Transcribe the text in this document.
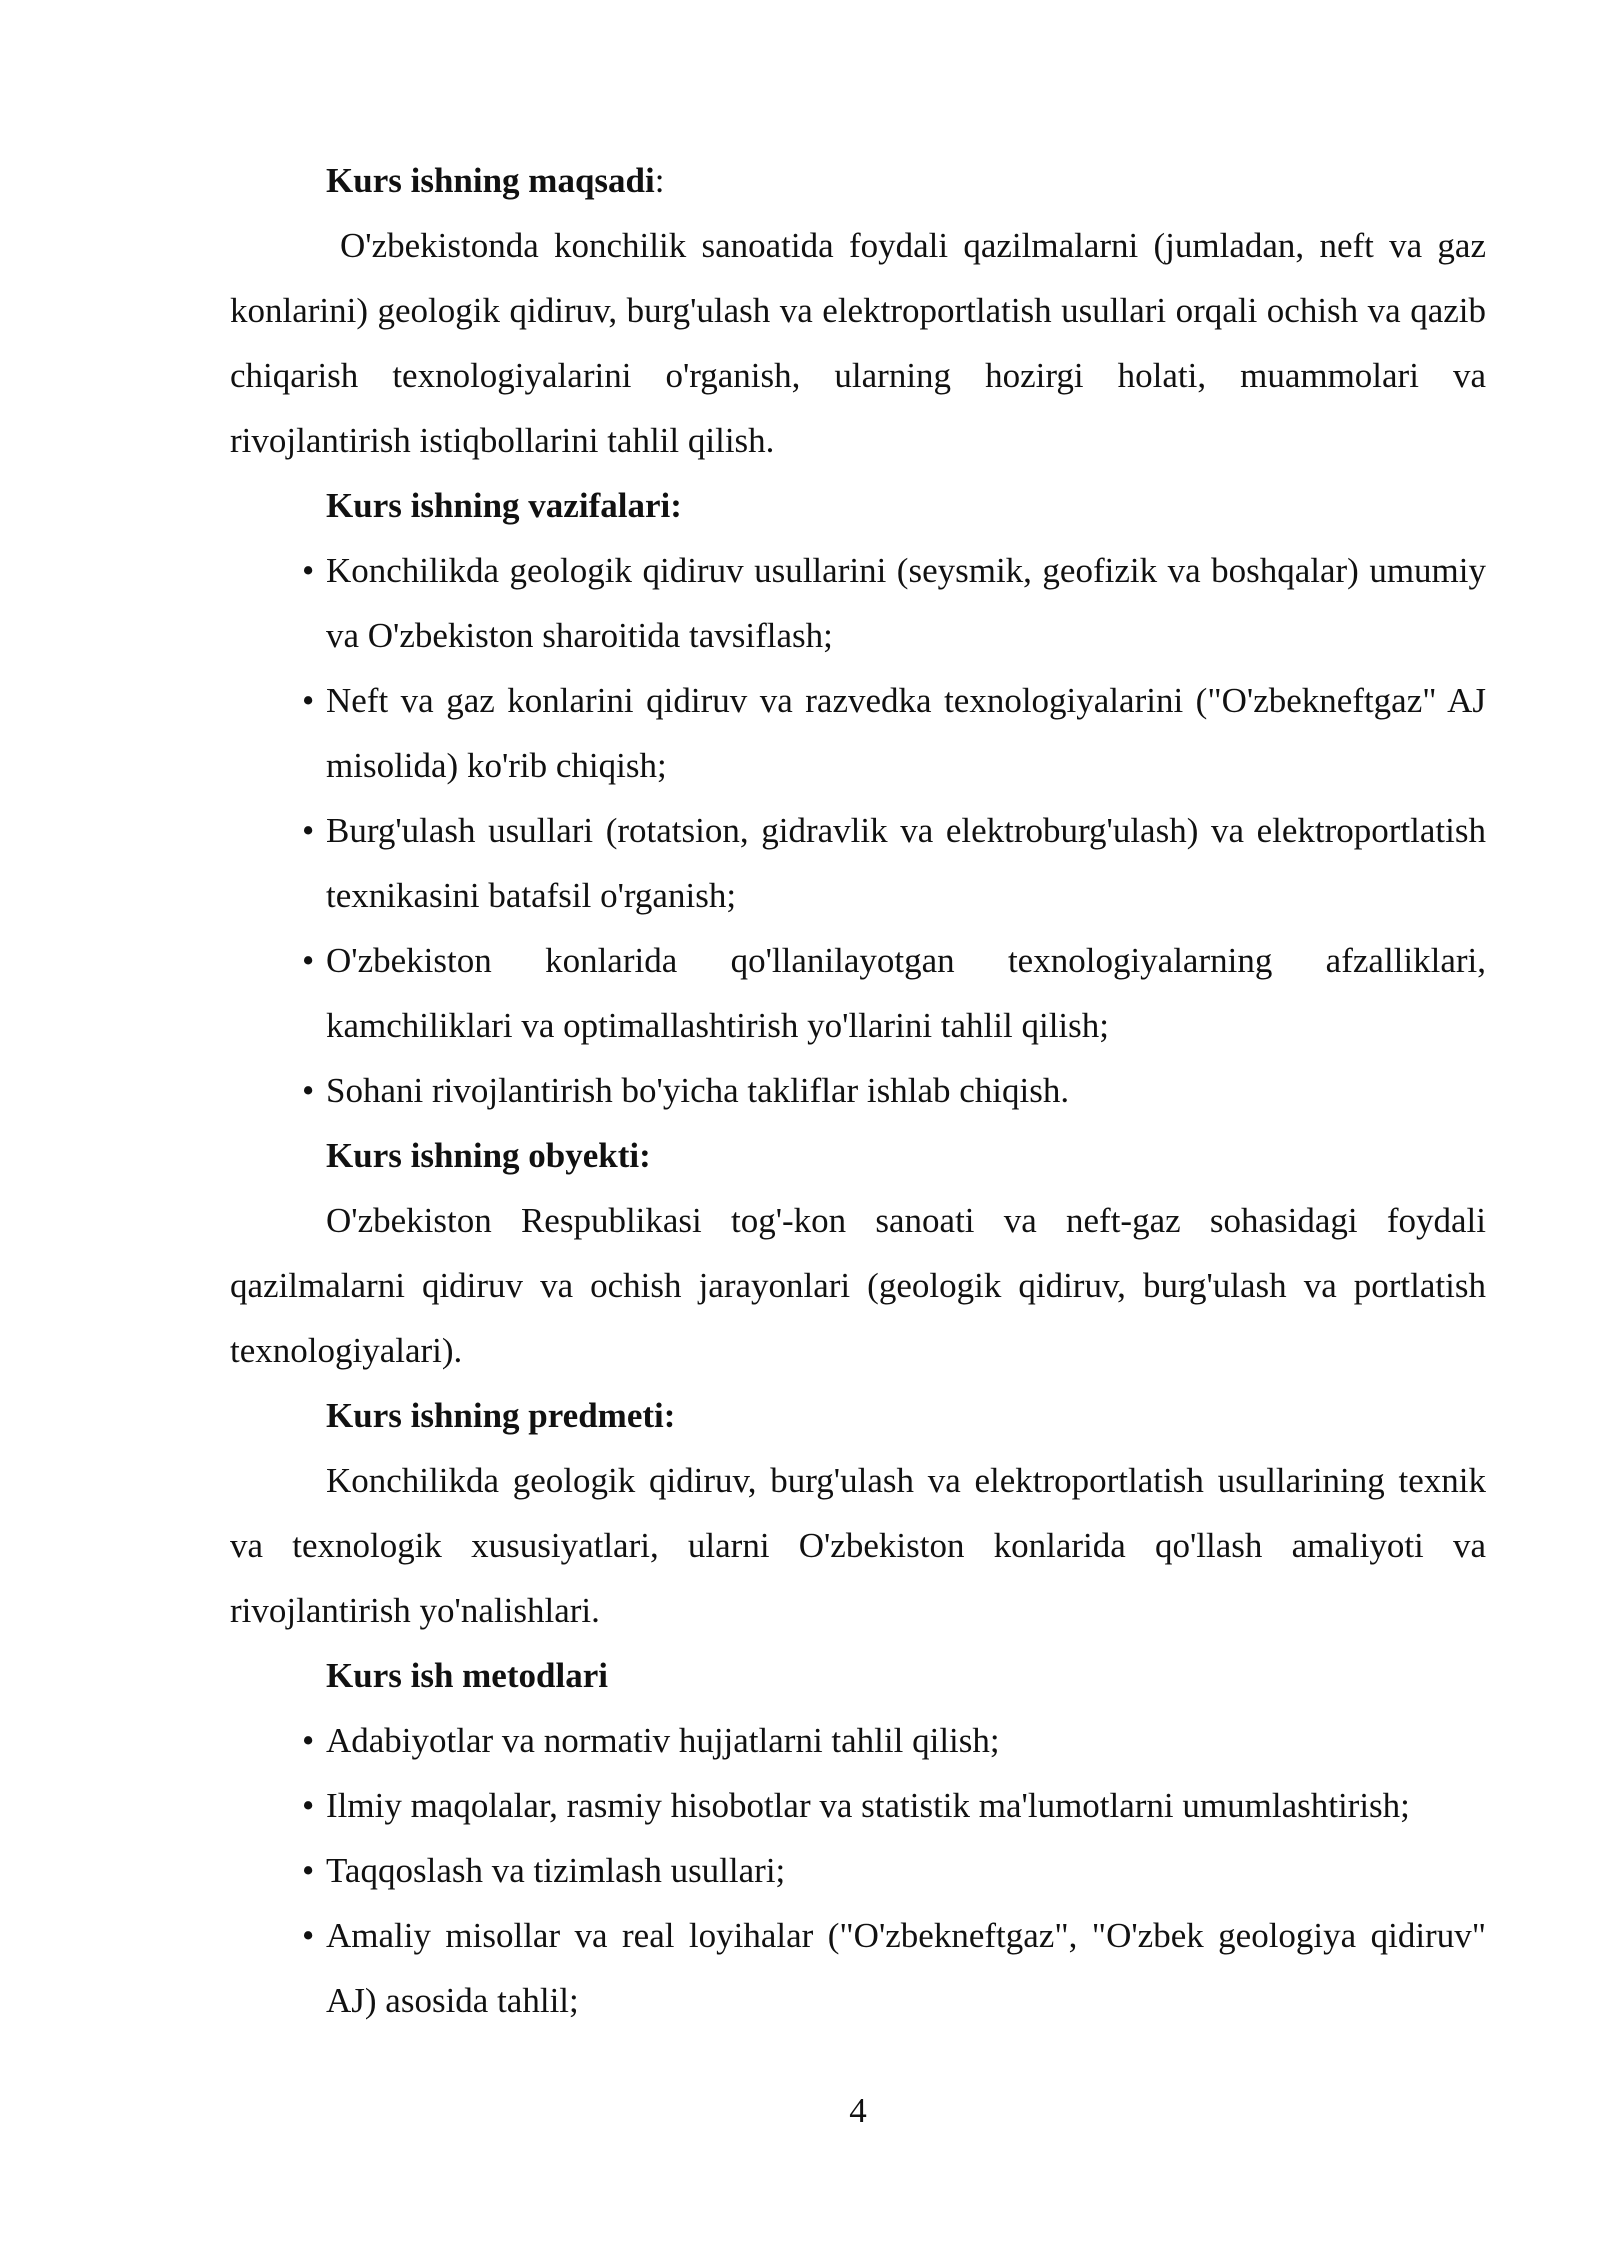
Kurs ishning maqsadi:

O'zbekistonda konchilik sanoatida foydali qazilmalarni (jumladan, neft va gaz konlarini) geologik qidiruv, burg'ulash va elektroportlatish usullari orqali ochish va qazib chiqarish texnologiyalarini o'rganish, ularning hozirgi holati, muammolari va rivojlantirish istiqbollarini tahlil qilish.

Kurs ishning vazifalari:

• Konchilikda geologik qidiruv usullarini (seysmik, geofizik va boshqalar) umumiy va O'zbekiston sharoitida tavsiflash;
• Neft va gaz konlarini qidiruv va razvedka texnologiyalarini ("O'zbekneftgaz" AJ misolida) ko'rib chiqish;
• Burg'ulash usullari (rotatsion, gidravlik va elektroburg'ulash) va elektroportlatish texnikasini batafsil o'rganish;
• O'zbekiston konlarida qo'llanilayotgan texnologiyalarning afzalliklari, kamchiliklari va optimallashtirish yo'llarini tahlil qilish;
• Sohani rivojlantirish bo'yicha takliflar ishlab chiqish.

Kurs ishning obyekti:

O'zbekiston Respublikasi tog'-kon sanoati va neft-gaz sohasidagi foydali qazilmalarni qidiruv va ochish jarayonlari (geologik qidiruv, burg'ulash va portlatish texnologiyalari).

Kurs ishning predmeti:

Konchilikda geologik qidiruv, burg'ulash va elektroportlatish usullarining texnik va texnologik xususiyatlari, ularni O'zbekiston konlarida qo'llash amaliyoti va rivojlantirish yo'nalishlari.

Kurs ish metodlari

• Adabiyotlar va normativ hujjatlarni tahlil qilish;
• Ilmiy maqolalar, rasmiy hisobotlar va statistik ma'lumotlarni umumlashtirish;
• Taqqoslash va tizimlash usullari;
• Amaliy misollar va real loyihalar ("O'zbekneftgaz", "O'zbek geologiya qidiruv" AJ) asosida tahlil;
4
